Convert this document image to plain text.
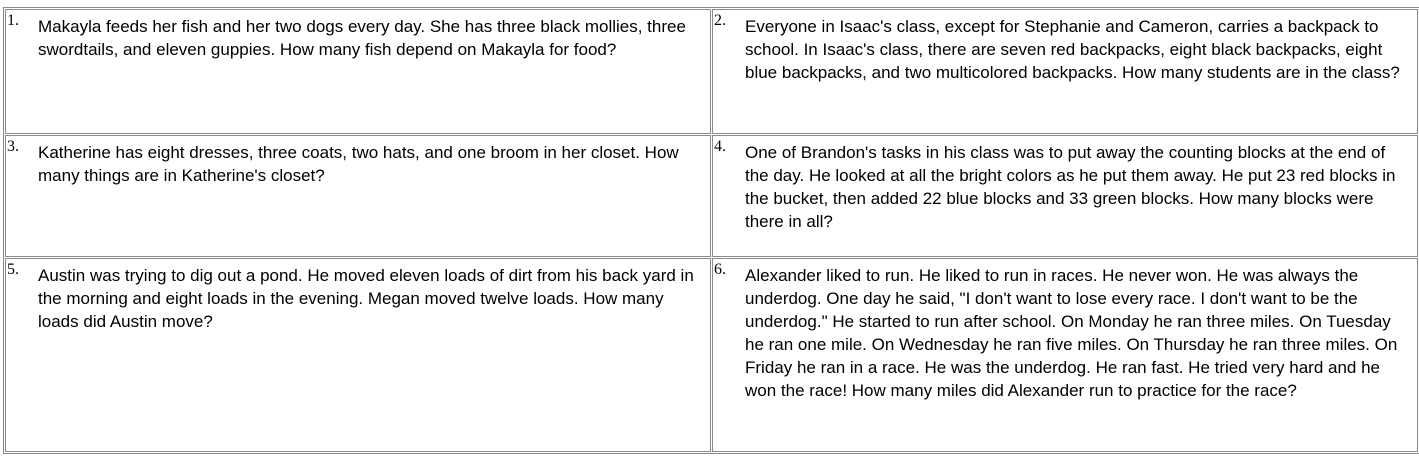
1. Makayla feeds her fish and her two dogs every day. She has three black mollies, three swordtails, and eleven guppies. How many fish depend on Makayla for food?	2. Everyone in Isaac's class, except for Stephanie and Cameron, carries a backpack to school. In Isaac's class, there are seven red backpacks, eight black backpacks, eight blue backpacks, and two multicolored backpacks. How many students are in the class?

3. Katherine has eight dresses, three coats, two hats, and one broom in her closet. How many things are in Katherine's closet?	4. One of Brandon's tasks in his class was to put away the counting blocks at the end of the day. He looked at all the bright colors as he put them away. He put 23 red blocks in the bucket, then added 22 blue blocks and 33 green blocks. How many blocks were there in all?

5. Austin was trying to dig out a pond. He moved eleven loads of dirt from his back yard in the morning and eight loads in the evening. Megan moved twelve loads. How many loads did Austin move?	6. Alexander liked to run. He liked to run in races. He never won. He was always the underdog. One day he said, "I don't want to lose every race. I don't want to be the underdog." He started to run after school. On Monday he ran three miles. On Tuesday he ran one mile. On Wednesday he ran five miles. On Thursday he ran three miles. On Friday he ran in a race. He was the underdog. He ran fast. He tried very hard and he won the race! How many miles did Alexander run to practice for the race?
